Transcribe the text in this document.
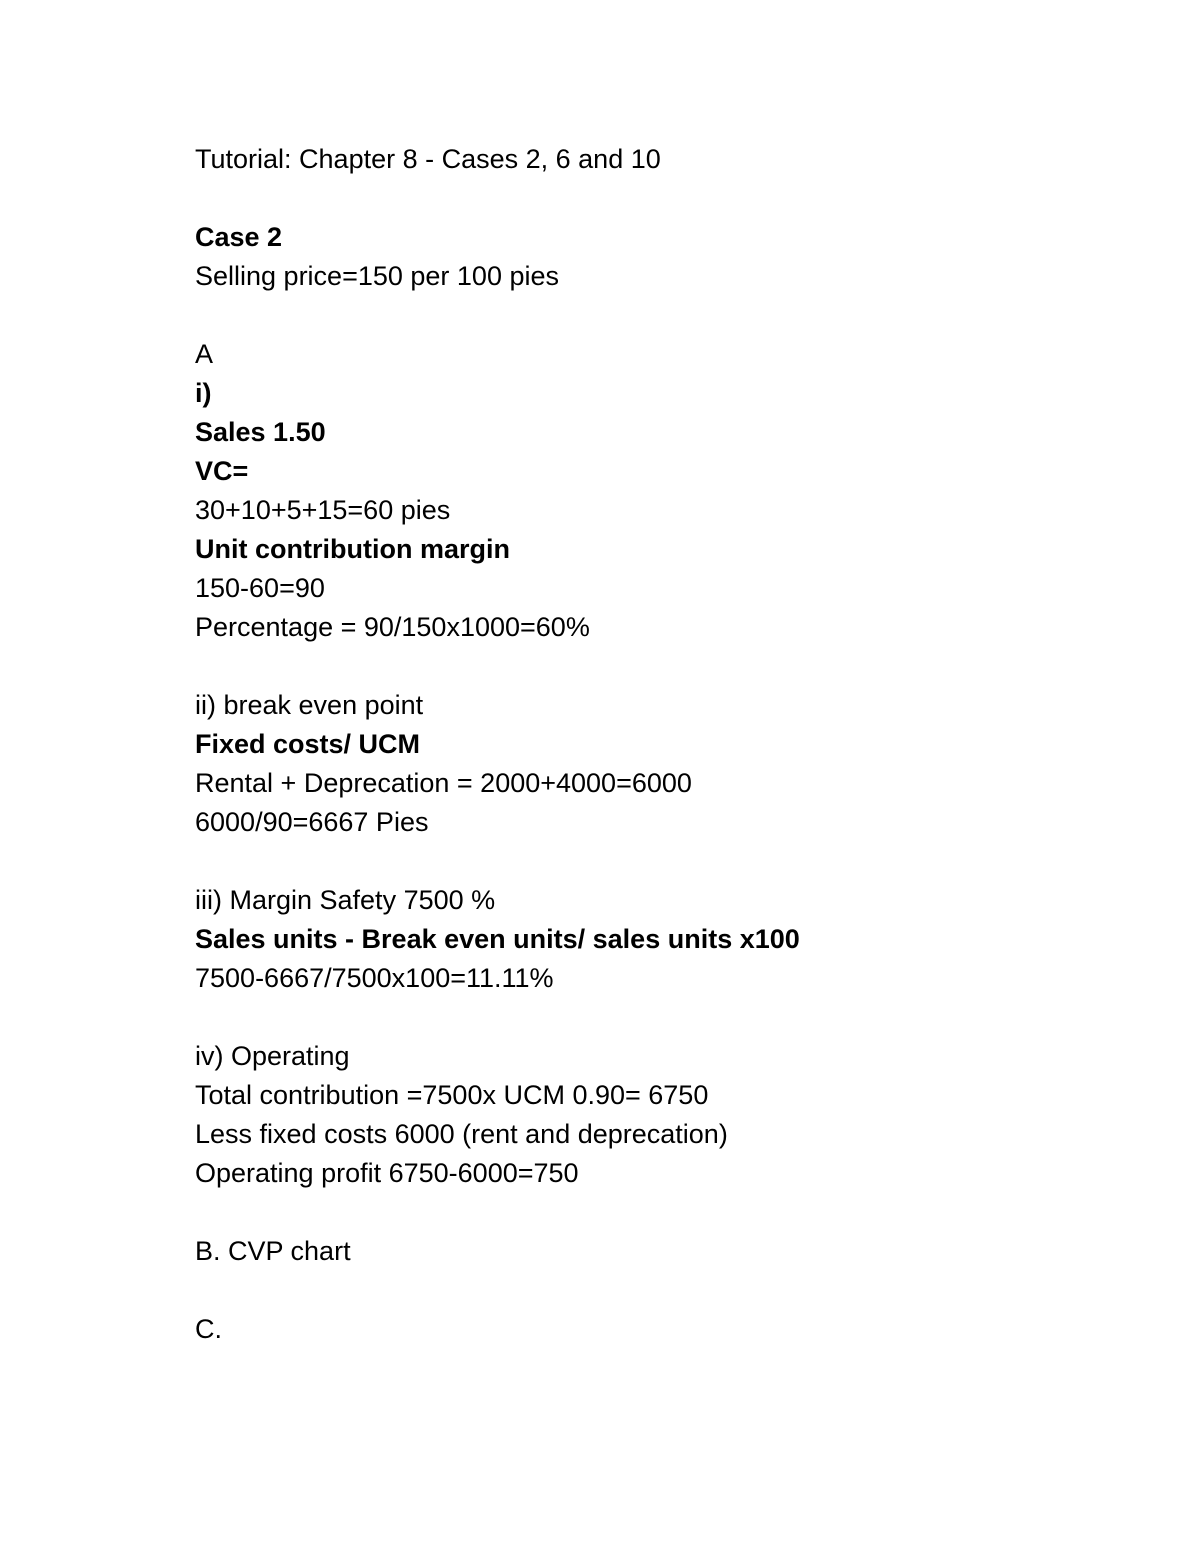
Tutorial: Chapter 8 - Cases 2, 6 and 10
Case 2
Selling price=150 per 100 pies
A
i)
Sales 1.50
VC=
30+10+5+15=60 pies
Unit contribution margin
150-60=90
Percentage = 90/150x1000=60%
ii) break even point
Fixed costs/ UCM
Rental + Deprecation = 2000+4000=6000
6000/90=6667 Pies
iii) Margin Safety 7500 %
Sales units - Break even units/ sales units x100
7500-6667/7500x100=11.11%
iv) Operating
Total contribution =7500x UCM 0.90= 6750
Less fixed costs 6000 (rent and deprecation)
Operating profit 6750-6000=750
B. CVP chart
C.
